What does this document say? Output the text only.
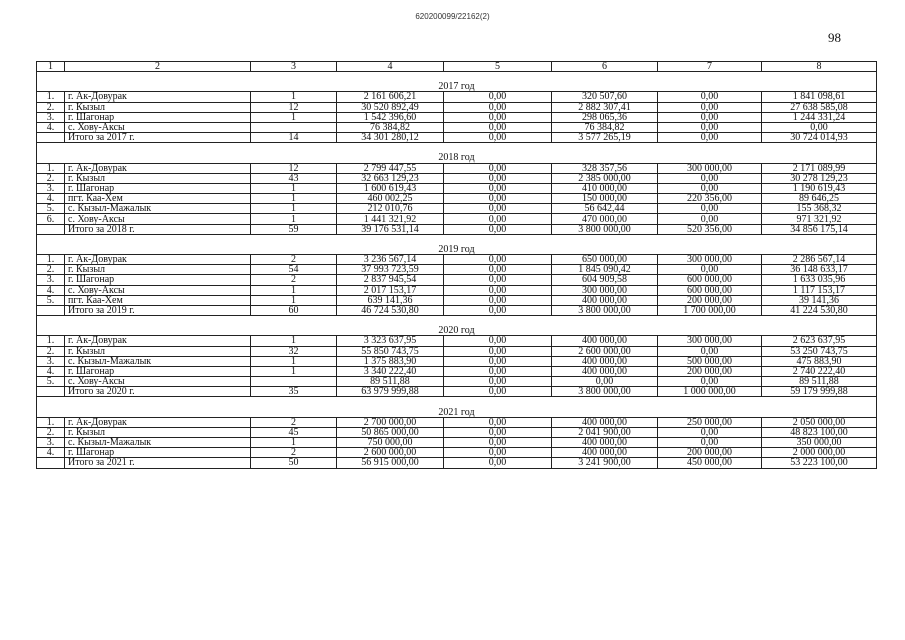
620200099/22162(2)
98
1	2	3	4	5	6	7	8

2017 год							
1.	г. Ак-Довурак	1	2 161 606,21	0,00	320 507,60	0,00	1 841 098,61
2.	г. Кызыл	12	30 520 892,49	0,00	2 882 307,41	0,00	27 638 585,08
3.	г. Шагонар	1	1 542 396,60	0,00	298 065,36	0,00	1 244 331,24
4.	с. Хову-Аксы		76 384,82	0,00	76 384,82	0,00	0,00
	Итого за 2017 г.	14	34 301 280,12	0,00	3 577 265,19	0,00	30 724 014,93

2018 год							
1.	г. Ак-Довурак	12	2 799 447,55	0,00	328 357,56	300 000,00	2 171 089,99
2.	г. Кызыл	43	32 663 129,23	0,00	2 385 000,00	0,00	30 278 129,23
3.	г. Шагонар	1	1 600 619,43	0,00	410 000,00	0,00	1 190 619,43
4.	пгт. Каа-Хем	1	460 002,25	0,00	150 000,00	220 356,00	89 646,25
5.	с. Кызыл-Мажалык	1	212 010,76	0,00	56 642,44	0,00	155 368,32
6.	с. Хову-Аксы	1	1 441 321,92	0,00	470 000,00	0,00	971 321,92
	Итого за 2018 г.	59	39 176 531,14	0,00	3 800 000,00	520 356,00	34 856 175,14

2019 год							
1.	г. Ак-Довурак	2	3 236 567,14	0,00	650 000,00	300 000,00	2 286 567,14
2.	г. Кызыл	54	37 993 723,59	0,00	1 845 090,42	0,00	36 148 633,17
3.	г. Шагонар	2	2 837 945,54	0,00	604 909,58	600 000,00	1 633 035,96
4.	с. Хову-Аксы	1	2 017 153,17	0,00	300 000,00	600 000,00	1 117 153,17
5.	пгт. Каа-Хем	1	639 141,36	0,00	400 000,00	200 000,00	39 141,36
	Итого за 2019 г.	60	46 724 530,80	0,00	3 800 000,00	1 700 000,00	41 224 530,80

2020 год							
1.	г. Ак-Довурак	1	3 323 637,95	0,00	400 000,00	300 000,00	2 623 637,95
2.	г. Кызыл	32	55 850 743,75	0,00	2 600 000,00	0,00	53 250 743,75
3.	с. Кызыл-Мажалык	1	1 375 883,90	0,00	400 000,00	500 000,00	475 883,90
4.	г. Шагонар	1	3 340 222,40	0,00	400 000,00	200 000,00	2 740 222,40
5.	с. Хову-Аксы		89 511,88	0,00	0,00	0,00	89 511,88
	Итого за 2020 г.	35	63 979 999,88	0,00	3 800 000,00	1 000 000,00	59 179 999,88

2021 год							
1.	г. Ак-Довурак	2	2 700 000,00	0,00	400 000,00	250 000,00	2 050 000,00
2.	г. Кызыл	45	50 865 000,00	0,00	2 041 900,00	0,00	48 823 100,00
3.	с. Кызыл-Мажалык	1	750 000,00	0,00	400 000,00	0,00	350 000,00
4.	г. Шагонар	2	2 600 000,00	0,00	400 000,00	200 000,00	2 000 000,00
	Итого за 2021 г.	50	56 915 000,00	0,00	3 241 900,00	450 000,00	53 223 100,00
